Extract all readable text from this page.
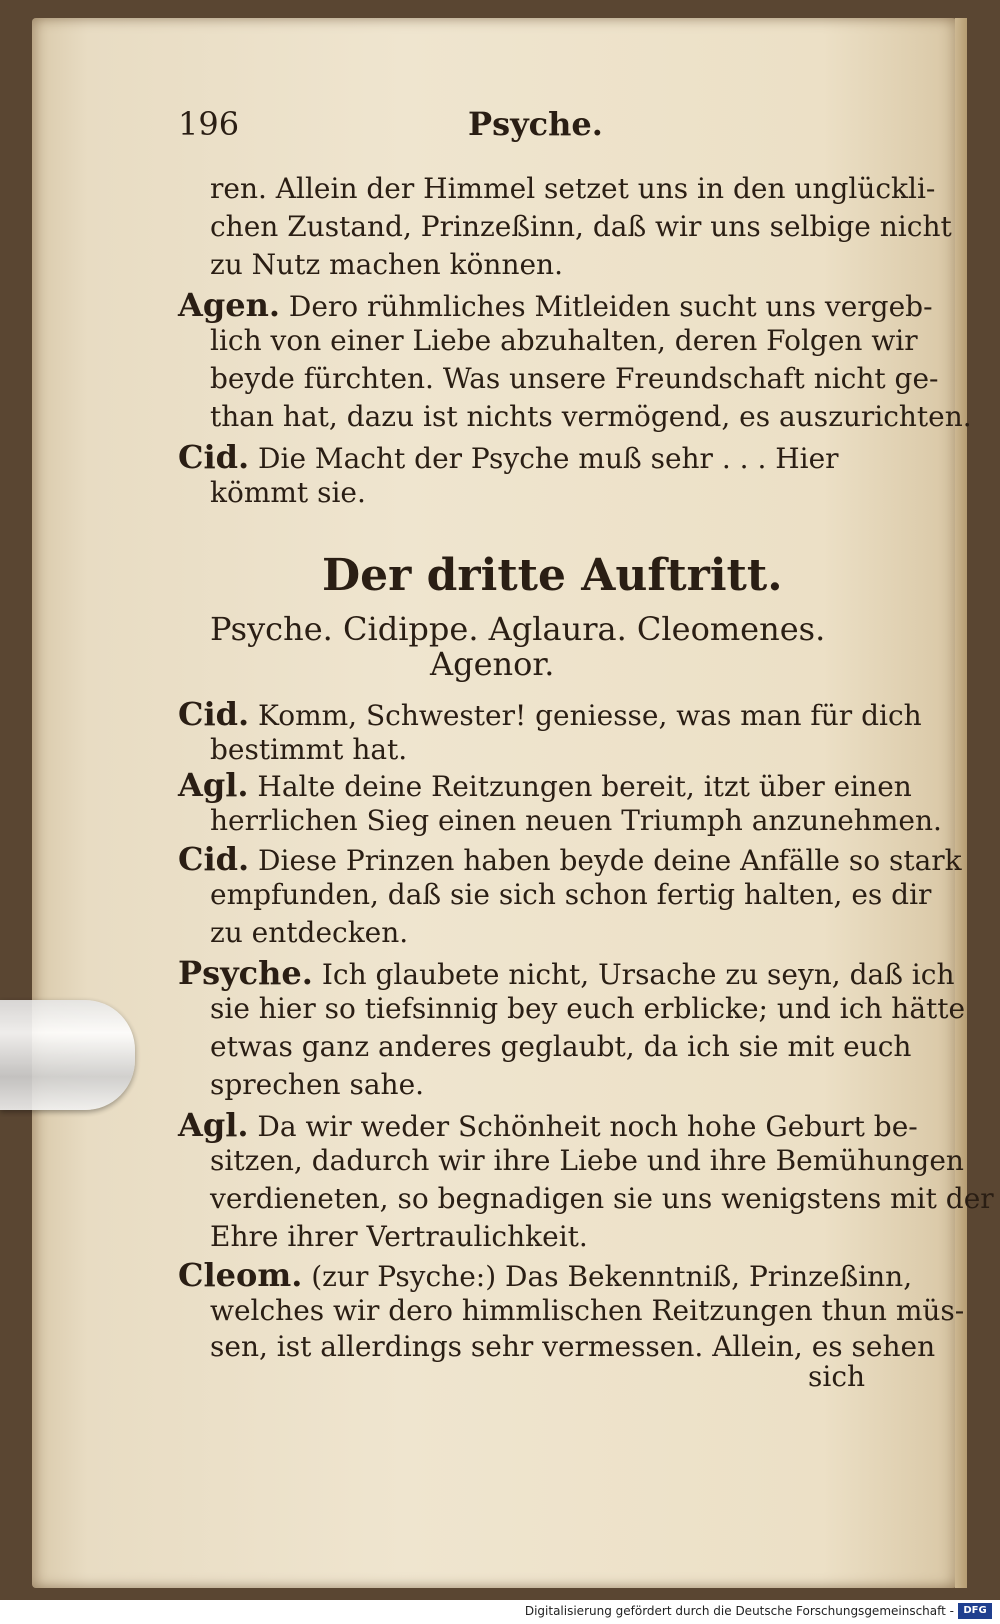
196	Psyche.
ren. Allein der Himmel setzet uns in den unglückli-
chen Zustand, Prinzeßinn, daß wir uns selbige nicht
zu Nutz machen können.
Agen. Dero rühmliches Mitleiden sucht uns vergeb-
lich von einer Liebe abzuhalten, deren Folgen wir
beyde fürchten. Was unsere Freundschaft nicht ge-
than hat, dazu ist nichts vermögend, es auszurichten.
Cid. Die Macht der Psyche muß sehr . . . Hier
kömmt sie.
Der dritte Auftritt.
Psyche. Cidippe. Aglaura. Cleomenes.
Agenor.
Cid. Komm, Schwester! geniesse, was man für dich
bestimmt hat.
Agl. Halte deine Reitzungen bereit, itzt über einen
herrlichen Sieg einen neuen Triumph anzunehmen.
Cid. Diese Prinzen haben beyde deine Anfälle so stark
empfunden, daß sie sich schon fertig halten, es dir
zu entdecken.
Psyche. Ich glaubete nicht, Ursache zu seyn, daß ich
sie hier so tiefsinnig bey euch erblicke; und ich hätte
etwas ganz anderes geglaubt, da ich sie mit euch
sprechen sahe.
Agl. Da wir weder Schönheit noch hohe Geburt be-
sitzen, dadurch wir ihre Liebe und ihre Bemühungen
verdieneten, so begnadigen sie uns wenigstens mit der
Ehre ihrer Vertraulichkeit.
Cleom. (zur Psyche:) Das Bekenntniß, Prinzeßinn,
welches wir dero himmlischen Reitzungen thun müs-
sen, ist allerdings sehr vermessen. Allein, es sehen
sich
Digitalisierung gefördert durch die Deutsche Forschungsgemeinschaft - DFG
